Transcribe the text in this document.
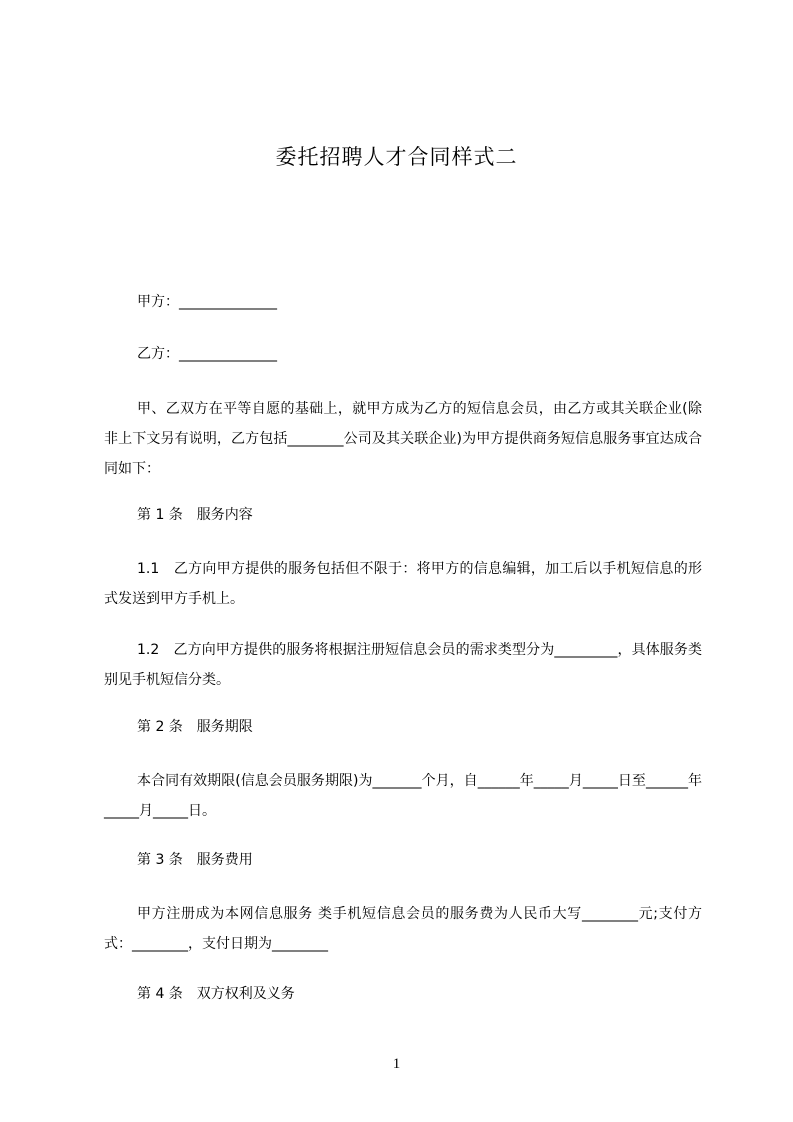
委托招聘人才合同样式二
甲方：______________
乙方：______________

甲、乙双方在平等自愿的基础上，就甲方成为乙方的短信息会员，由乙方或其关联企业(除非上下文另有说明，乙方包括________公司及其关联企业)为甲方提供商务短信息服务事宜达成合同如下：

第 1 条　服务内容

1.1　乙方向甲方提供的服务包括但不限于：将甲方的信息编辑，加工后以手机短信息的形式发送到甲方手机上。

1.2　乙方向甲方提供的服务将根据注册短信息会员的需求类型分为_________，具体服务类别见手机短信分类。

第 2 条　服务期限

本合同有效期限(信息会员服务期限)为_______个月，自______年_____月_____日至______年_____月_____日。

第 3 条　服务费用

甲方注册成为本网信息服务 类手机短信息会员的服务费为人民币大写________元;支付方式：________，支付日期为________

第 4 条　双方权利及义务
1
